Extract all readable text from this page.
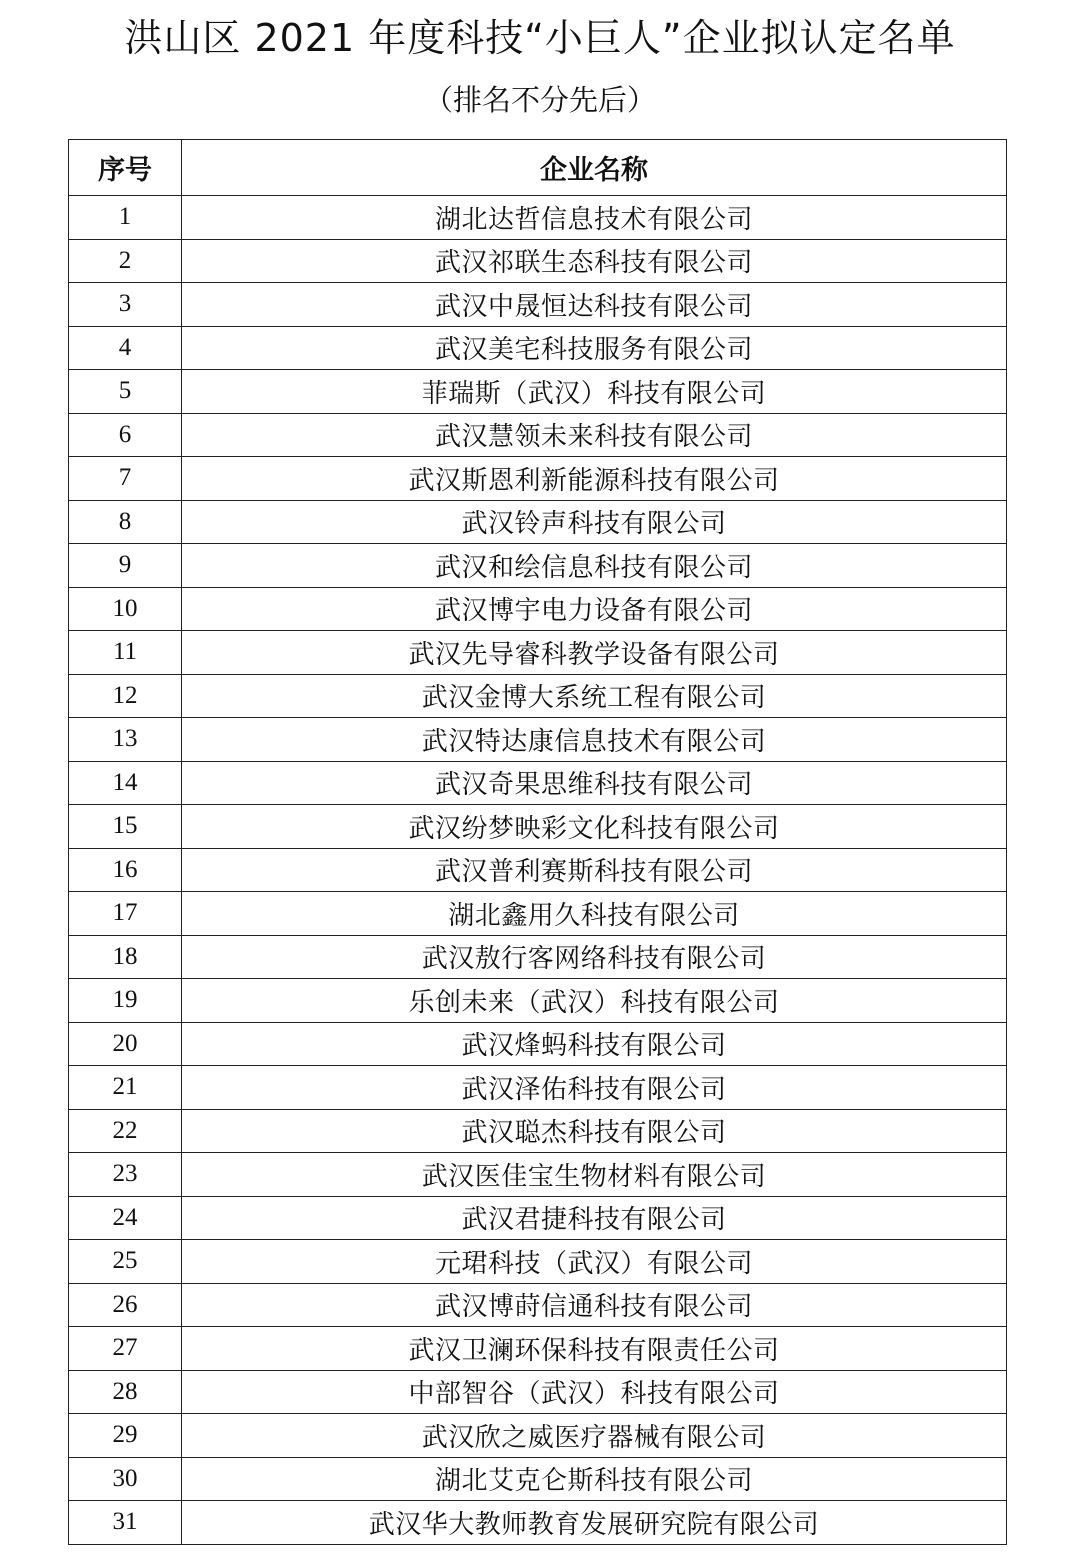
洪山区 2021 年度科技“小巨人”企业拟认定名单
（排名不分先后）
序号	企业名称
1	湖北达哲信息技术有限公司
2	武汉祁联生态科技有限公司
3	武汉中晟恒达科技有限公司
4	武汉美宅科技服务有限公司
5	菲瑞斯（武汉）科技有限公司
6	武汉慧领未来科技有限公司
7	武汉斯恩利新能源科技有限公司
8	武汉铃声科技有限公司
9	武汉和绘信息科技有限公司
10	武汉博宇电力设备有限公司
11	武汉先导睿科教学设备有限公司
12	武汉金博大系统工程有限公司
13	武汉特达康信息技术有限公司
14	武汉奇果思维科技有限公司
15	武汉纷梦映彩文化科技有限公司
16	武汉普利赛斯科技有限公司
17	湖北鑫用久科技有限公司
18	武汉敖行客网络科技有限公司
19	乐创未来（武汉）科技有限公司
20	武汉烽蚂科技有限公司
21	武汉泽佑科技有限公司
22	武汉聪杰科技有限公司
23	武汉医佳宝生物材料有限公司
24	武汉君捷科技有限公司
25	元珺科技（武汉）有限公司
26	武汉博莳信通科技有限公司
27	武汉卫澜环保科技有限责任公司
28	中部智谷（武汉）科技有限公司
29	武汉欣之威医疗器械有限公司
30	湖北艾克仑斯科技有限公司
31	武汉华大教师教育发展研究院有限公司
